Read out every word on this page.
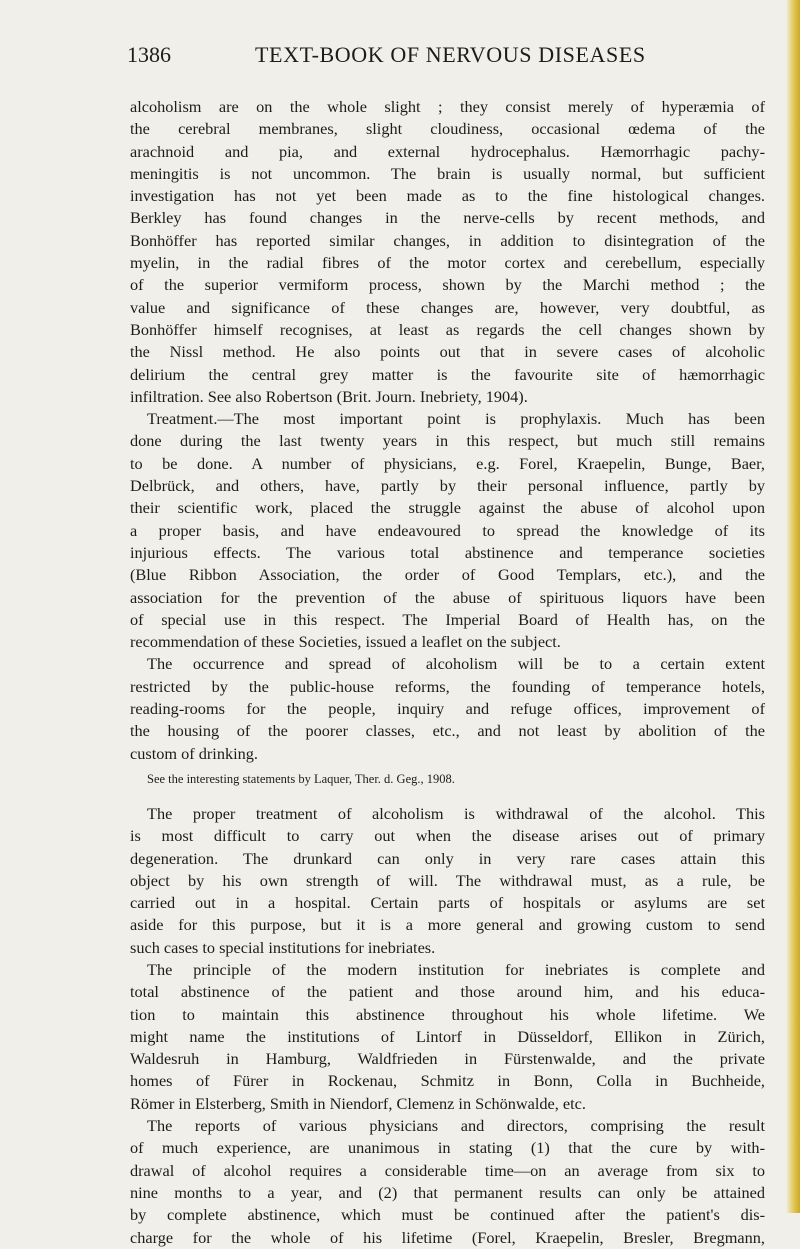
1386	TEXT-BOOK OF NERVOUS DISEASES
alcoholism are on the whole slight ; they consist merely of hyperæmia of
the cerebral membranes, slight cloudiness, occasional œdema of the
arachnoid and pia, and external hydrocephalus. Hæmorrhagic pachy-
meningitis is not uncommon. The brain is usually normal, but sufficient
investigation has not yet been made as to the fine histological changes.
Berkley has found changes in the nerve-cells by recent methods, and
Bonhöffer has reported similar changes, in addition to disintegration of the
myelin, in the radial fibres of the motor cortex and cerebellum, especially
of the superior vermiform process, shown by the Marchi method ; the
value and significance of these changes are, however, very doubtful, as
Bonhöffer himself recognises, at least as regards the cell changes shown by
the Nissl method. He also points out that in severe cases of alcoholic
delirium the central grey matter is the favourite site of hæmorrhagic
infiltration. See also Robertson (Brit. Journ. Inebriety, 1904).
Treatment.—The most important point is prophylaxis. Much has been
done during the last twenty years in this respect, but much still remains
to be done. A number of physicians, e.g. Forel, Kraepelin, Bunge, Baer,
Delbrück, and others, have, partly by their personal influence, partly by
their scientific work, placed the struggle against the abuse of alcohol upon
a proper basis, and have endeavoured to spread the knowledge of its
injurious effects. The various total abstinence and temperance societies
(Blue Ribbon Association, the order of Good Templars, etc.), and the
association for the prevention of the abuse of spirituous liquors have been
of special use in this respect. The Imperial Board of Health has, on the
recommendation of these Societies, issued a leaflet on the subject.
The occurrence and spread of alcoholism will be to a certain extent
restricted by the public-house reforms, the founding of temperance hotels,
reading-rooms for the people, inquiry and refuge offices, improvement of
the housing of the poorer classes, etc., and not least by abolition of the
custom of drinking.
See the interesting statements by Laquer, Ther. d. Geg., 1908.
The proper treatment of alcoholism is withdrawal of the alcohol. This
is most difficult to carry out when the disease arises out of primary
degeneration. The drunkard can only in very rare cases attain this
object by his own strength of will. The withdrawal must, as a rule, be
carried out in a hospital. Certain parts of hospitals or asylums are set
aside for this purpose, but it is a more general and growing custom to send
such cases to special institutions for inebriates.
The principle of the modern institution for inebriates is complete and
total abstinence of the patient and those around him, and his educa-
tion to maintain this abstinence throughout his whole lifetime. We
might name the institutions of Lintorf in Düsseldorf, Ellikon in Zürich,
Waldesruh in Hamburg, Waldfrieden in Fürstenwalde, and the private
homes of Fürer in Rockenau, Schmitz in Bonn, Colla in Buchheide,
Römer in Elsterberg, Smith in Niendorf, Clemenz in Schönwalde, etc.
The reports of various physicians and directors, comprising the result
of much experience, are unanimous in stating (1) that the cure by with-
drawal of alcohol requires a considerable time—on an average from six to
nine months to a year, and (2) that permanent results can only be attained
by complete abstinence, which must be continued after the patient's dis-
charge for the whole of his lifetime (Forel, Kraepelin, Bresler, Bregmann,
